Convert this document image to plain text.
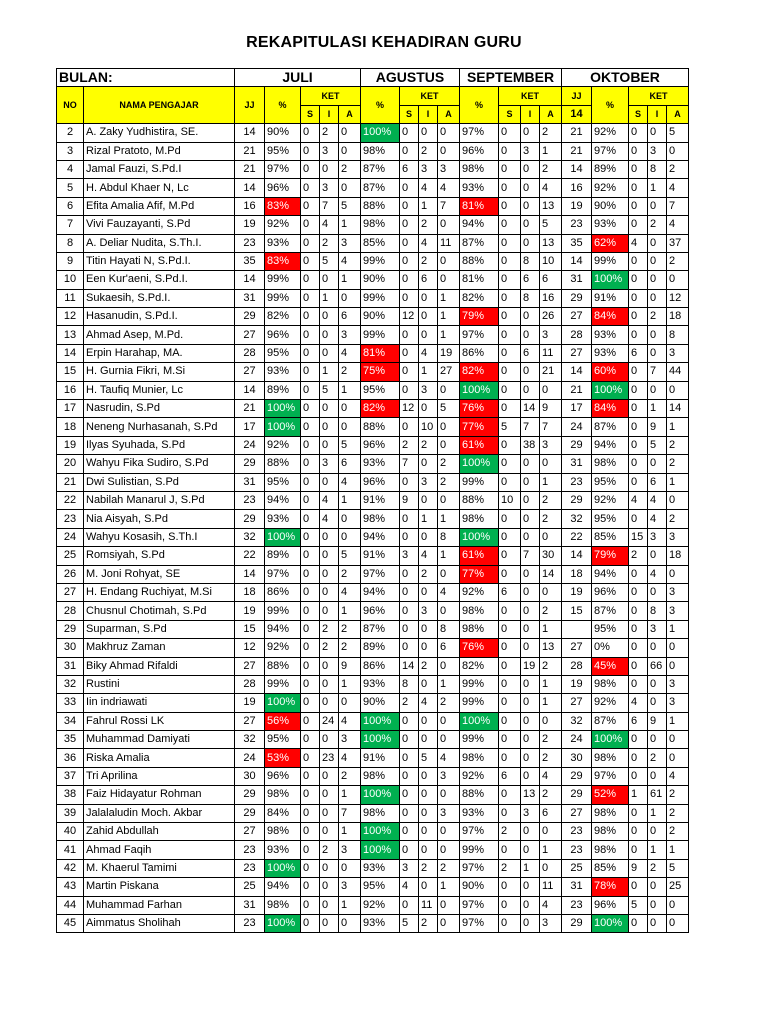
REKAPITULASI KEHADIRAN GURU
BULAN:		JULI					AGUSTUS				SEPTEMBER				OKTOBER				
NO	NAMA PENGAJAR	JJ	%	KET			%	KET			%	KET			JJ	%	KET		
				S	I	A		S	I	A		S	I	A	14		S	I	A
2	A. Zaky Yudhistira, SE.	14	90%	0	2	0	100%	0	0	0	97%	0	0	2	21	92%	0	0	5
3	Rizal Pratoto, M.Pd	21	95%	0	3	0	98%	0	2	0	96%	0	3	1	21	97%	0	3	0
4	Jamal Fauzi, S.Pd.I	21	97%	0	0	2	87%	6	3	3	98%	0	0	2	14	89%	0	8	2
5	H. Abdul Khaer N, Lc	14	96%	0	3	0	87%	0	4	4	93%	0	0	4	16	92%	0	1	4
6	Efita Amalia Afif, M.Pd	16	83%	0	7	5	88%	0	1	7	81%	0	0	13	19	90%	0	0	7
7	Vivi Fauzayanti, S.Pd	19	92%	0	4	1	98%	0	2	0	94%	0	0	5	23	93%	0	2	4
8	A. Deliar Nudita, S.Th.I.	23	93%	0	2	3	85%	0	4	11	87%	0	0	13	35	62%	4	0	37
9	Titin Hayati N, S.Pd.I.	35	83%	0	5	4	99%	0	2	0	88%	0	8	10	14	99%	0	0	2
10	Een Kur'aeni, S.Pd.I.	14	99%	0	0	1	90%	0	6	0	81%	0	6	6	31	100%	0	0	0
11	Sukaesih, S.Pd.I.	31	99%	0	1	0	99%	0	0	1	82%	0	8	16	29	91%	0	0	12
12	Hasanudin, S.Pd.I.	29	82%	0	0	6	90%	12	0	1	79%	0	0	26	27	84%	0	2	18
13	Ahmad Asep, M.Pd.	27	96%	0	0	3	99%	0	0	1	97%	0	0	3	28	93%	0	0	8
14	Erpin Harahap, MA.	28	95%	0	0	4	81%	0	4	19	86%	0	6	11	27	93%	6	0	3
15	H. Gurnia Fikri, M.Si	27	93%	0	1	2	75%	0	1	27	82%	0	0	21	14	60%	0	7	44
16	H. Taufiq Munier, Lc	14	89%	0	5	1	95%	0	3	0	100%	0	0	0	21	100%	0	0	0
17	Nasrudin, S.Pd	21	100%	0	0	0	82%	12	0	5	76%	0	14	9	17	84%	0	1	14
18	Neneng Nurhasanah, S.Pd	17	100%	0	0	0	88%	0	10	0	77%	5	7	7	24	87%	0	9	1
19	Ilyas Syuhada, S.Pd	24	92%	0	0	5	96%	2	2	0	61%	0	38	3	29	94%	0	5	2
20	Wahyu Fika Sudiro, S.Pd	29	88%	0	3	6	93%	7	0	2	100%	0	0	0	31	98%	0	0	2
21	Dwi Sulistian, S.Pd	31	95%	0	0	4	96%	0	3	2	99%	0	0	1	23	95%	0	6	1
22	Nabilah Manarul J, S.Pd	23	94%	0	4	1	91%	9	0	0	88%	10	0	2	29	92%	4	4	0
23	Nia Aisyah, S.Pd	29	93%	0	4	0	98%	0	1	1	98%	0	0	2	32	95%	0	4	2
24	Wahyu Kosasih, S.Th.I	32	100%	0	0	0	94%	0	0	8	100%	0	0	0	22	85%	15	3	3
25	Romsiyah, S.Pd	22	89%	0	0	5	91%	3	4	1	61%	0	7	30	14	79%	2	0	18
26	M. Joni Rohyat, SE	14	97%	0	0	2	97%	0	2	0	77%	0	0	14	18	94%	0	4	0
27	H. Endang Ruchiyat, M.Si	18	86%	0	0	4	94%	0	0	4	92%	6	0	0	19	96%	0	0	3
28	Chusnul Chotimah, S.Pd	19	99%	0	0	1	96%	0	3	0	98%	0	0	2	15	87%	0	8	3
29	Suparman, S.Pd	15	94%	0	2	2	87%	0	0	8	98%	0	0	1		95%	0	3	1
30	Makhruz Zaman	12	92%	0	2	2	89%	0	0	6	76%	0	0	13	27	0%	0	0	0
31	Biky Ahmad Rifaldi	27	88%	0	0	9	86%	14	2	0	82%	0	19	2	28	45%	0	66	0
32	Rustini	28	99%	0	0	1	93%	8	0	1	99%	0	0	1	19	98%	0	0	3
33	Iin indriawati	19	100%	0	0	0	90%	2	4	2	99%	0	0	1	27	92%	4	0	3
34	Fahrul Rossi LK	27	56%	0	24	4	100%	0	0	0	100%	0	0	0	32	87%	6	9	1
35	Muhammad Damiyati	32	95%	0	0	3	100%	0	0	0	99%	0	0	2	24	100%	0	0	0
36	Riska Amalia	24	53%	0	23	4	91%	0	5	4	98%	0	0	2	30	98%	0	2	0
37	Tri Aprilina	30	96%	0	0	2	98%	0	0	3	92%	6	0	4	29	97%	0	0	4
38	Faiz Hidayatur Rohman	29	98%	0	0	1	100%	0	0	0	88%	0	13	2	29	52%	1	61	2
39	Jalalaludin Moch. Akbar	29	84%	0	0	7	98%	0	0	3	93%	0	3	6	27	98%	0	1	2
40	Zahid Abdullah	27	98%	0	0	1	100%	0	0	0	97%	2	0	0	23	98%	0	0	2
41	Ahmad Faqih	23	93%	0	2	3	100%	0	0	0	99%	0	0	1	23	98%	0	1	1
42	M. Khaerul Tamimi	23	100%	0	0	0	93%	3	2	2	97%	2	1	0	25	85%	9	2	5
43	Martin Piskana	25	94%	0	0	3	95%	4	0	1	90%	0	0	11	31	78%	0	0	25
44	Muhammad Farhan	31	98%	0	0	1	92%	0	11	0	97%	0	0	4	23	96%	5	0	0
45	Aimmatus Sholihah	23	100%	0	0	0	93%	5	2	0	97%	0	0	3	29	100%	0	0	0
